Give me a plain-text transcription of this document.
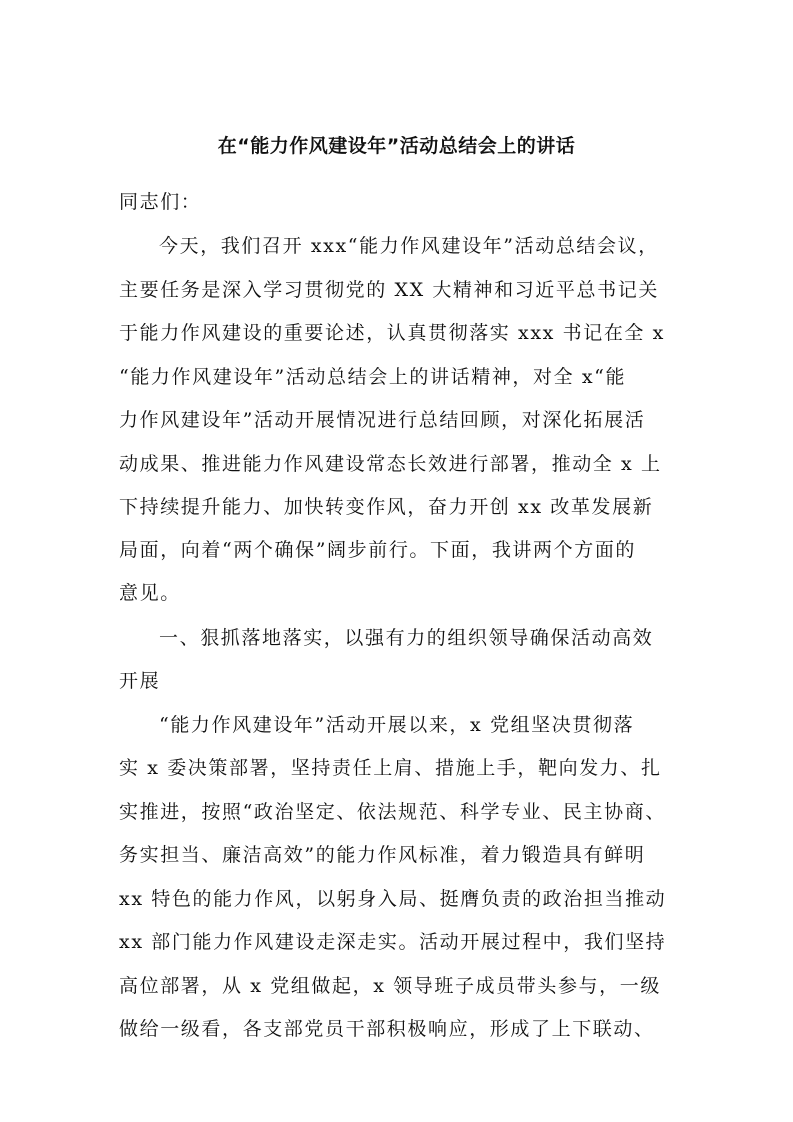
在“能力作风建设年”活动总结会上的讲话
同志们：
今天，我们召开 xxx“能力作风建设年”活动总结会议，
主要任务是深入学习贯彻党的 XX 大精神和习近平总书记关
于能力作风建设的重要论述，认真贯彻落实 xxx 书记在全 x
“能力作风建设年”活动总结会上的讲话精神，对全 x“能
力作风建设年”活动开展情况进行总结回顾，对深化拓展活
动成果、推进能力作风建设常态长效进行部署，推动全 x 上
下持续提升能力、加快转变作风，奋力开创 xx 改革发展新
局面，向着“两个确保”阔步前行。下面，我讲两个方面的
意见。
一、狠抓落地落实，以强有力的组织领导确保活动高效
开展
“能力作风建设年”活动开展以来，x 党组坚决贯彻落
实 x 委决策部署，坚持责任上肩、措施上手，靶向发力、扎
实推进，按照“政治坚定、依法规范、科学专业、民主协商、
务实担当、廉洁高效”的能力作风标准，着力锻造具有鲜明
xx 特色的能力作风，以躬身入局、挺膺负责的政治担当推动
xx 部门能力作风建设走深走实。活动开展过程中，我们坚持
高位部署，从 x 党组做起，x 领导班子成员带头参与，一级
做给一级看，各支部党员干部积极响应，形成了上下联动、
